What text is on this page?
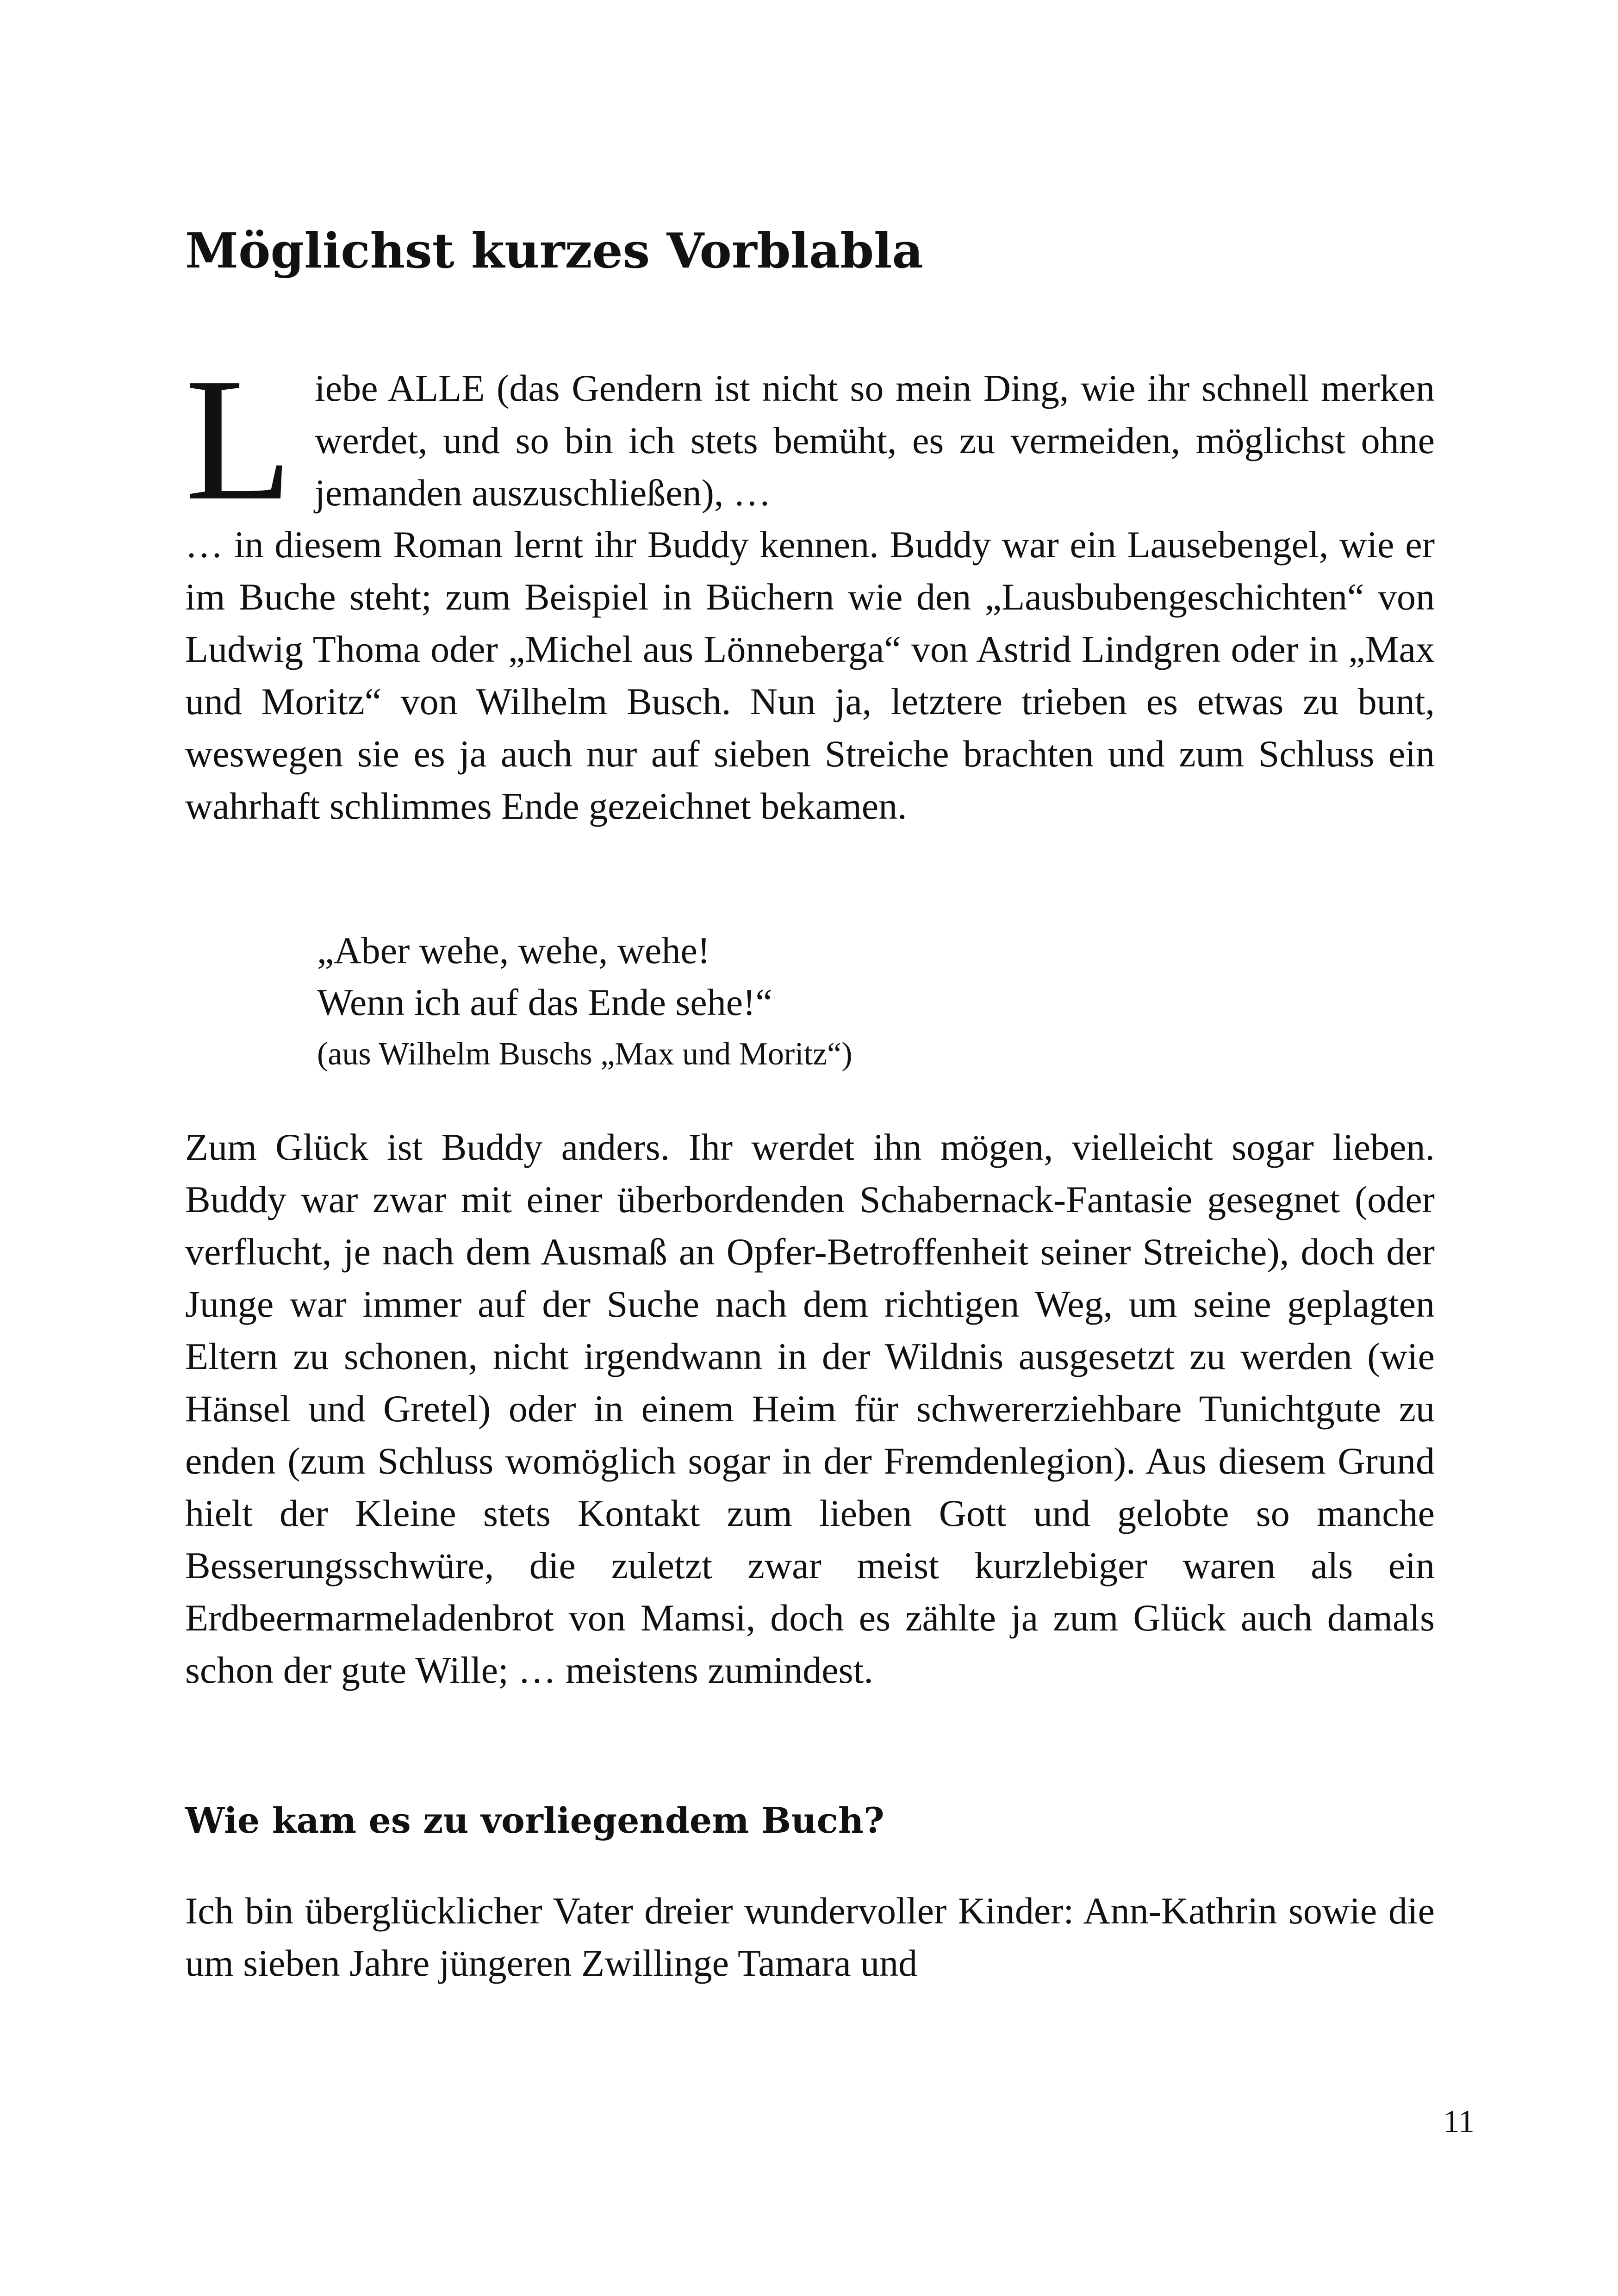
Möglichst kurzes Vorblabla
L iebe ALLE (das Gendern ist nicht so mein Ding, wie ihr schnell merken werdet, und so bin ich stets bemüht, es zu vermeiden, möglichst ohne jemanden auszuschließen), …

… in diesem Roman lernt ihr Buddy kennen. Buddy war ein Lausebengel, wie er im Buche steht; zum Beispiel in Büchern wie den „Lausbubengeschichten“ von Ludwig Thoma oder „Michel aus Lönneberga“ von Astrid Lindgren oder in „Max und Moritz“ von Wilhelm Busch. Nun ja, letztere trieben es etwas zu bunt, weswegen sie es ja auch nur auf sieben Streiche brachten und zum Schluss ein wahrhaft schlimmes Ende gezeichnet bekamen.

„Aber wehe, wehe, wehe!
Wenn ich auf das Ende sehe!“
(aus Wilhelm Buschs „Max und Moritz“)

Zum Glück ist Buddy anders. Ihr werdet ihn mögen, vielleicht sogar lieben. Buddy war zwar mit einer überbordenden Schabernack-Fantasie gesegnet (oder verflucht, je nach dem Ausmaß an Opfer-Betroffenheit seiner Streiche), doch der Junge war immer auf der Suche nach dem richtigen Weg, um seine geplagten Eltern zu schonen, nicht irgendwann in der Wildnis ausgesetzt zu werden (wie Hänsel und Gretel) oder in einem Heim für schwererziehbare Tunichtgute zu enden (zum Schluss womöglich sogar in der Fremdenlegion). Aus diesem Grund hielt der Kleine stets Kontakt zum lieben Gott und gelobte so manche Besserungsschwüre, die zuletzt zwar meist kurzlebiger waren als ein Erdbeermarmeladenbrot von Mamsi, doch es zählte ja zum Glück auch damals schon der gute Wille; … meistens zumindest.

Wie kam es zu vorliegendem Buch?

Ich bin überglücklicher Vater dreier wundervoller Kinder: Ann-Kathrin sowie die um sieben Jahre jüngeren Zwillinge Tamara und

11
